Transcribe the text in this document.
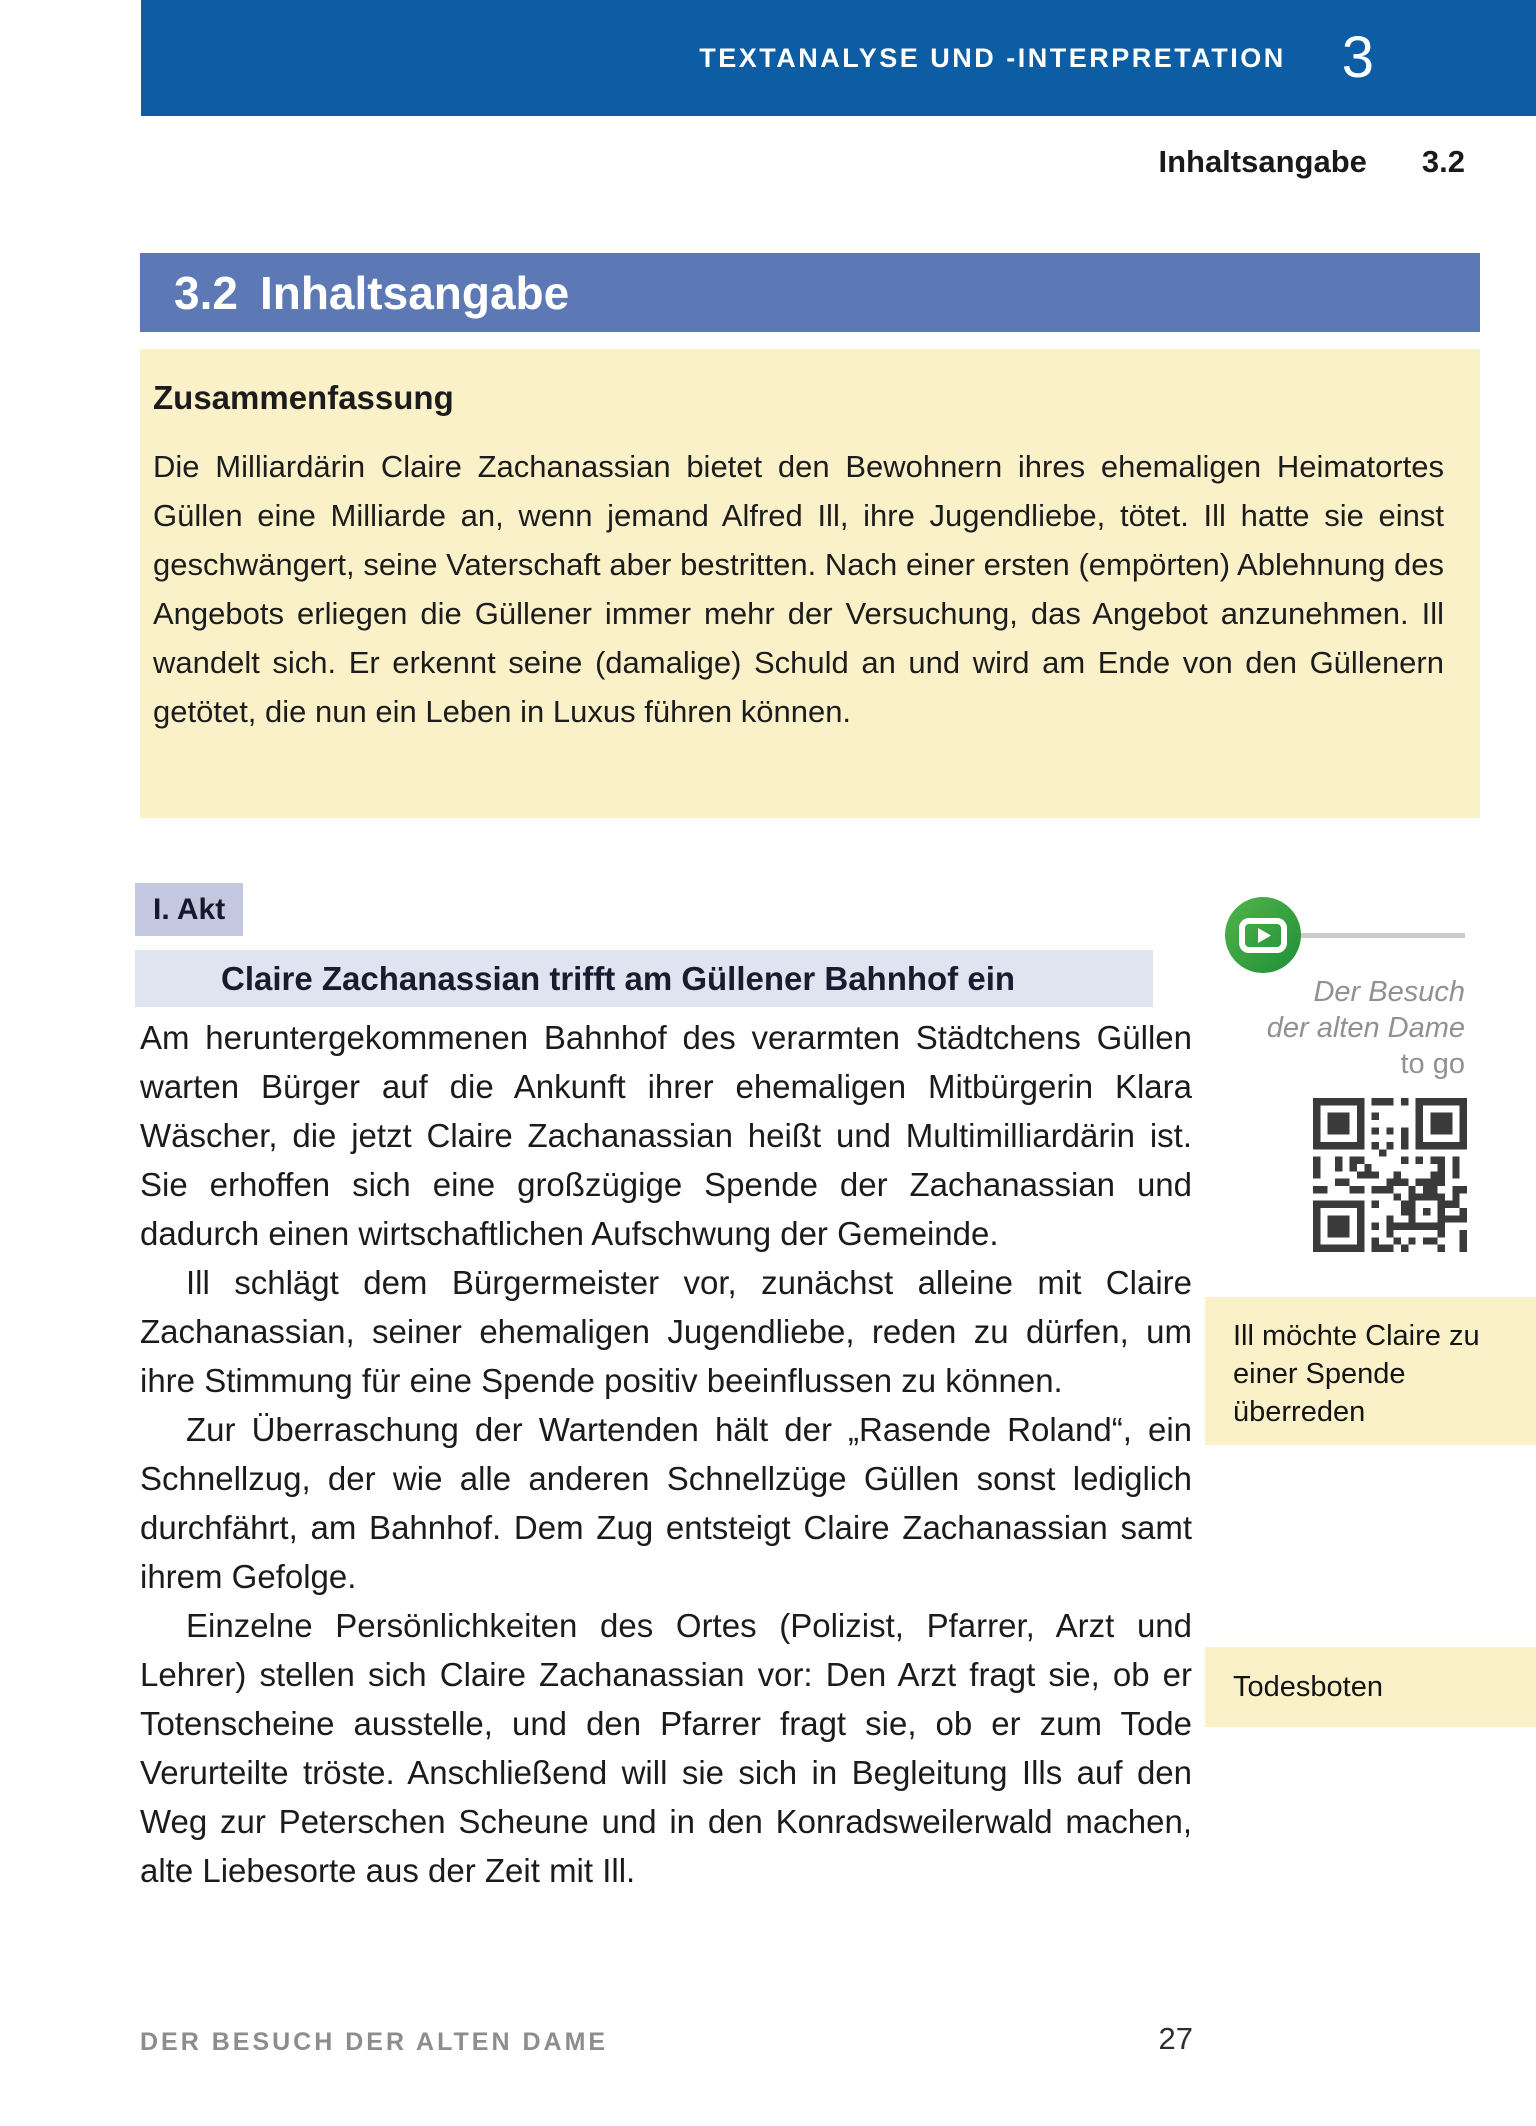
TEXTANALYSE UND -INTERPRETATION 3
Inhaltsangabe 3.2
3.2 Inhaltsangabe

Zusammenfassung

Die Milliardärin Claire Zachanassian bietet den Bewohnern ihres ehemaligen Heimatortes Güllen eine Milliarde an, wenn jemand Alfred Ill, ihre Jugendliebe, tötet. Ill hatte sie einst geschwängert, seine Vaterschaft aber bestritten. Nach einer ersten (empörten) Ablehnung des Angebots erliegen die Güllener immer mehr der Versuchung, das Angebot anzunehmen. Ill wandelt sich. Er erkennt seine (damalige) Schuld an und wird am Ende von den Güllenern getötet, die nun ein Leben in Luxus führen können.

I. Akt
Claire Zachanassian trifft am Güllener Bahnhof ein

Am heruntergekommenen Bahnhof des verarmten Städtchens Güllen warten Bürger auf die Ankunft ihrer ehemaligen Mitbürgerin Klara Wäscher, die jetzt Claire Zachanassian heißt und Multimilliardärin ist. Sie erhoffen sich eine großzügige Spende der Zachanassian und dadurch einen wirtschaftlichen Aufschwung der Gemeinde.

Ill schlägt dem Bürgermeister vor, zunächst alleine mit Claire Zachanassian, seiner ehemaligen Jugendliebe, reden zu dürfen, um ihre Stimmung für eine Spende positiv beeinflussen zu können.

Zur Überraschung der Wartenden hält der „Rasende Roland“, ein Schnellzug, der wie alle anderen Schnellzüge Güllen sonst lediglich durchfährt, am Bahnhof. Dem Zug entsteigt Claire Zachanassian samt ihrem Gefolge.

Einzelne Persönlichkeiten des Ortes (Polizist, Pfarrer, Arzt und Lehrer) stellen sich Claire Zachanassian vor: Den Arzt fragt sie, ob er Totenscheine ausstelle, und den Pfarrer fragt sie, ob er zum Tode Verurteilte tröste. Anschließend will sie sich in Begleitung Ills auf den Weg zur Peterschen Scheune und in den Konradsweilerwald machen, alte Liebesorte aus der Zeit mit Ill.

Der Besuch
der alten Dame
to go
Ill möchte Claire zu einer Spende überreden
Todesboten
DER BESUCH DER ALTEN DAME	27
